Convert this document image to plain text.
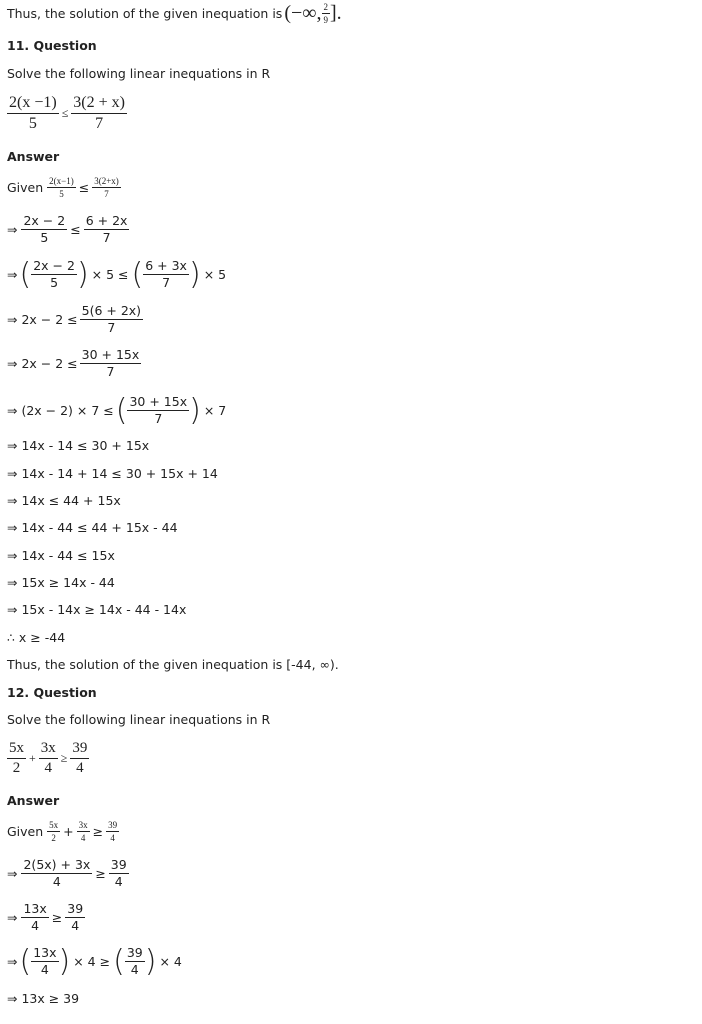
Thus, the solution of the given inequation is (−∞, $\frac{2}{9}$ ].
11. Question
Solve the following linear inequations in R
$\frac{2(x -1)}{5} \le \frac{3(2 + x)}{7}$
Answer
Given $\frac{2(x-1)}{5} \le \frac{3(2+x)}{7}$
⇒ $\frac{2x - 2}{5} \le \frac{6 + 2x}{7}$
⇒ ( $\frac{2x - 2}{5}$ ) × 5 ≤ ( $\frac{6 + 3x}{7}$ ) × 5
⇒ $2x - 2 \le \frac{5(6 + 2x)}{7}$
⇒ $2x - 2 \le \frac{30 + 15x}{7}$
⇒ (2x − 2) × 7 ≤ ( $\frac{30 + 15x}{7}$ ) × 7
⇒ 14x - 14 ≤ 30 + 15x
⇒ 14x - 14 + 14 ≤ 30 + 15x + 14
⇒ 14x ≤ 44 + 15x
⇒ 14x - 44 ≤ 44 + 15x - 44
⇒ 14x - 44 ≤ 15x
⇒ 15x ≥ 14x - 44
⇒ 15x - 14x ≥ 14x - 44 - 14x
∴ x ≥ -44
Thus, the solution of the given inequation is [-44, ∞).
12. Question
Solve the following linear inequations in R
$\frac{5x}{2} + \frac{3x}{4} \ge \frac{39}{4}$
Answer
Given $\frac{5x}{2} + \frac{3x}{4} \ge \frac{39}{4}$
⇒ $\frac{2(5x) + 3x}{4} \ge \frac{39}{4}$
⇒ $\frac{13x}{4} \ge \frac{39}{4}$
⇒ ( $\frac{13x}{4}$ ) × 4 ≥ ( $\frac{39}{4}$ ) × 4
⇒ 13x ≥ 39
